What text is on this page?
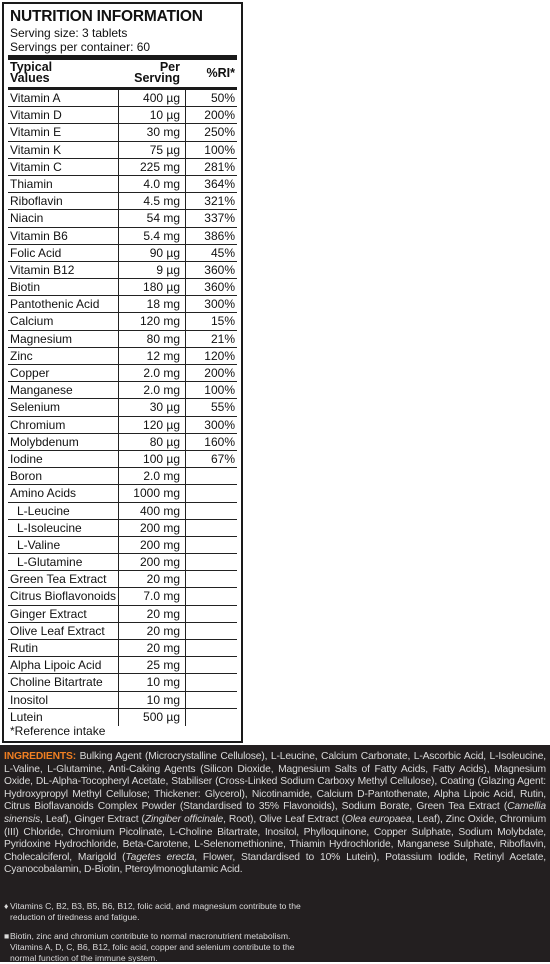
NUTRITION INFORMATION
Serving size: 3 tablets
Servings per container: 60
Typical
Values
Per
Serving %RI*
Vitamin A	400 µg	50%
Vitamin D	10 µg 200%
Vitamin E	30 mg 250%
Vitamin K	75 µg 100%
Vitamin C	225 mg 281%
Thiamin	4.0 mg 364%
Riboflavin	4.5 mg 321%
Niacin	54 mg 337%
Vitamin B6	5.4 mg 386%
Folic Acid	90 µg	45%
Vitamin B12	9 µg 360%
Biotin	180 µg 360%
Pantothenic Acid	18 mg 300%
Calcium	120 mg	15%
Magnesium	80 mg	21%
Zinc	12 mg 120%
Copper	2.0 mg 200%
Manganese	2.0 mg 100%
Selenium	30 µg	55%
Chromium	120 µg 300%
Molybdenum	80 µg 160%
Iodine	100 µg	67%
Boron	2.0 mg
Amino Acids	1000 mg
L-Leucine	400 mg
L-Isoleucine	200 mg
L-Valine	200 mg
L-Glutamine	200 mg
Green Tea Extract	20 mg
Citrus Bioflavonoids	7.0 mg
Ginger Extract	20 mg
Olive Leaf Extract	20 mg
Rutin	20 mg
Alpha Lipoic Acid	25 mg
Choline Bitartrate	10 mg
Inositol	10 mg
Lutein	500 µg
*Reference intake
INGREDIENTS: Bulking Agent (Microcrystalline Cellulose), L-Leucine, Calcium Carbonate, L-Ascorbic Acid, L-Isoleucine, L-Valine, L-Glutamine, Anti-Caking Agents (Silicon Dioxide, Magnesium Salts of Fatty Acids, Fatty Acids), Magnesium Oxide, DL-Alpha-Tocopheryl Acetate, Stabiliser (Cross-Linked Sodium Carboxy Methyl Cellulose), Coating (Glazing Agent: Hydroxypropyl Methyl Cellulose; Thickener: Glycerol), Nicotinamide, Calcium D-Pantothenate, Alpha Lipoic Acid, Rutin, Citrus Bioflavanoids Complex Powder (Standardised to 35% Flavonoids), Sodium Borate, Green Tea Extract (Camellia sinensis, Leaf), Ginger Extract (Zingiber officinale, Root), Olive Leaf Extract (Olea europaea, Leaf), Zinc Oxide, Chromium (III) Chloride, Chromium Picolinate, L-Choline Bitartrate, Inositol, Phylloquinone, Copper Sulphate, Sodium Molybdate, Pyridoxine Hydrochloride, Beta-Carotene, L-Selenomethionine, Thiamin Hydrochloride, Manganese Sulphate, Riboflavin, Cholecalciferol, Marigold (Tagetes erecta, Flower, Standardised to 10% Lutein), Potassium Iodide, Retinyl Acetate, Cyanocobalamin, D-Biotin, Pteroylmonoglutamic Acid.
♦ Vitamins C, B2, B3, B5, B6, B12, folic acid, and magnesium contribute to the reduction of tiredness and fatigue.
■ Biotin, zinc and chromium contribute to normal macronutrient metabolism. Vitamins A, D, C, B6, B12, folic acid, copper and selenium contribute to the normal function of the immune system.
